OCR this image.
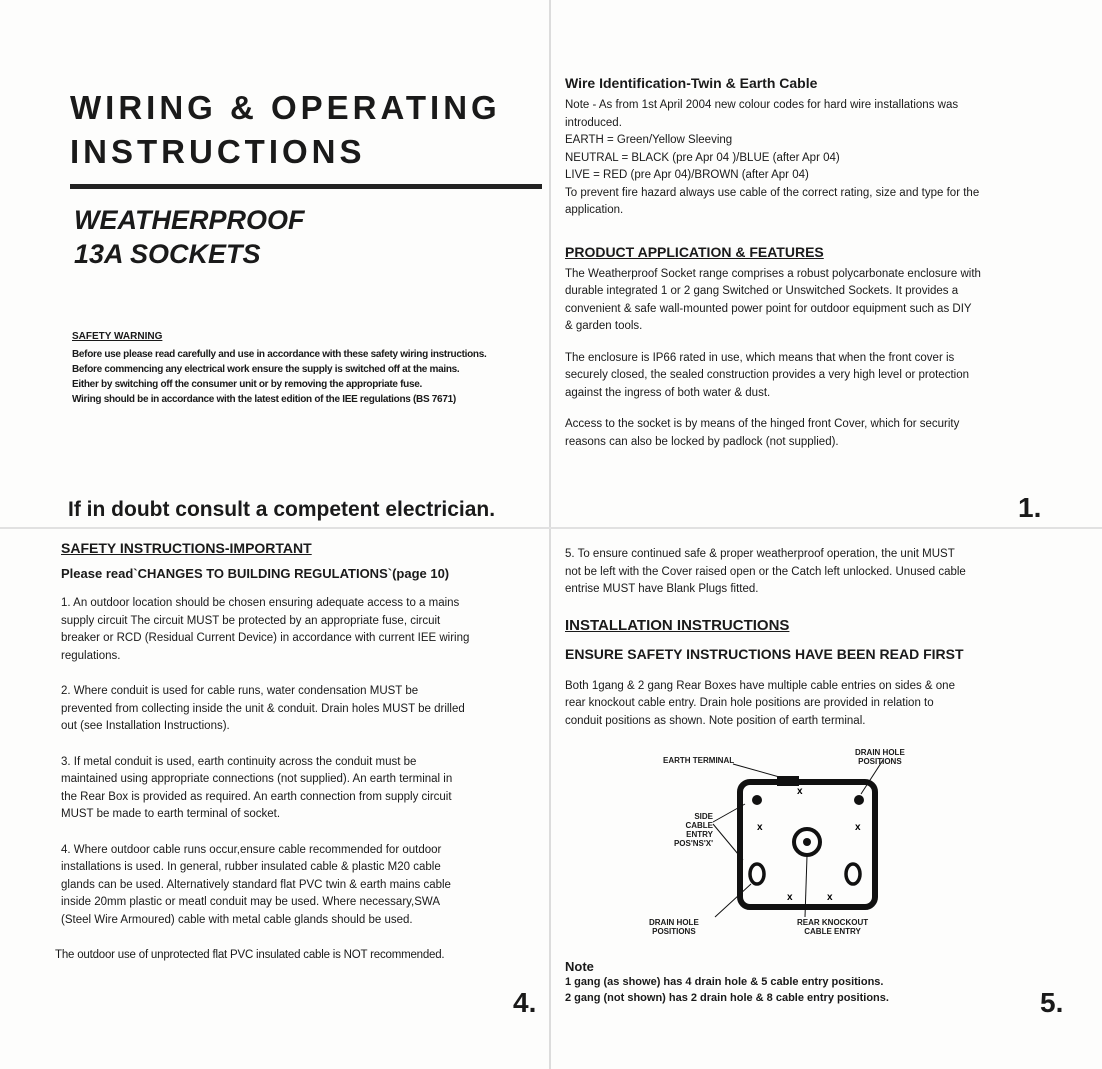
WIRING & OPERATING
INSTRUCTIONS
WEATHERPROOF
13A SOCKETS
SAFETY WARNING
Before use please read carefully and use in accordance with these safety wiring instructions.
Before commencing any electrical work ensure the supply is switched off at the mains.
Either by switching off the consumer unit or by removing the appropriate fuse.
Wiring should be in accordance with the latest edition of the IEE regulations (BS 7671)
If in doubt consult a competent electrician.
Wire Identification-Twin & Earth Cable
Note - As from 1st April 2004 new colour codes for hard wire installations was
introduced.
EARTH = Green/Yellow Sleeving
NEUTRAL = BLACK (pre Apr 04 )/BLUE (after Apr 04)
LIVE = RED (pre Apr 04)/BROWN (after Apr 04)
To prevent fire hazard always use cable of the correct rating, size and type for the
application.
PRODUCT APPLICATION & FEATURES
The Weatherproof Socket range comprises a robust polycarbonate enclosure with
durable integrated 1 or 2 gang Switched or Unswitched Sockets. It provides a
convenient & safe wall-mounted power point for outdoor equipment such as DIY
& garden tools.
The enclosure is IP66 rated in use, which means that when the front cover is
securely closed, the sealed construction provides a very high level or protection
against the ingress of both water & dust.
Access to the socket is by means of the hinged front Cover, which for security
reasons can also be locked by padlock (not supplied).
1.
SAFETY INSTRUCTIONS-IMPORTANT
Please read`CHANGES TO BUILDING REGULATIONS`(page 10)
1. An outdoor location should be chosen ensuring adequate access to a mains
supply circuit The circuit MUST be protected by an appropriate fuse, circuit
breaker or RCD (Residual Current Device) in accordance with current IEE wiring
regulations.
2. Where conduit is used for cable runs, water condensation MUST be
prevented from collecting inside the unit & conduit. Drain holes MUST be drilled
out (see Installation Instructions).
3. If metal conduit is used, earth continuity across the conduit must be
maintained using appropriate connections (not supplied). An earth terminal in
the Rear Box is provided as required. An earth connection from supply circuit
MUST be made to earth terminal of socket.
4. Where outdoor cable runs occur,ensure cable recommended for outdoor
installations is used. In general, rubber insulated cable & plastic M20 cable
glands can be used. Alternatively standard flat PVC twin & earth mains cable
inside 20mm plastic or meatl conduit may be used. Where necessary,SWA
(Steel Wire Armoured) cable with metal cable glands should be used.
The outdoor use of unprotected flat PVC insulated cable is NOT recommended.
4.
5. To ensure continued safe & proper weatherproof operation, the unit MUST
not be left with the Cover raised open or the Catch left unlocked. Unused cable
entrise MUST have Blank Plugs fitted.
INSTALLATION INSTRUCTIONS
ENSURE SAFETY INSTRUCTIONS HAVE BEEN READ FIRST
Both 1gang & 2 gang Rear Boxes have multiple cable entries on sides & one
rear knockout cable entry. Drain hole positions are provided in relation to
conduit positions as shown. Note position of earth terminal.
x
x	x
x	x
EARTH TERMINAL
DRAIN HOLE
POSITIONS
SIDE
CABLE
ENTRY
POS'NS'X'
DRAIN HOLE
POSITIONS
REAR KNOCKOUT
CABLE ENTRY
Note
1 gang (as showe) has 4 drain hole & 5 cable entry positions.
2 gang (not shown) has 2 drain hole & 8 cable entry positions.	5.
